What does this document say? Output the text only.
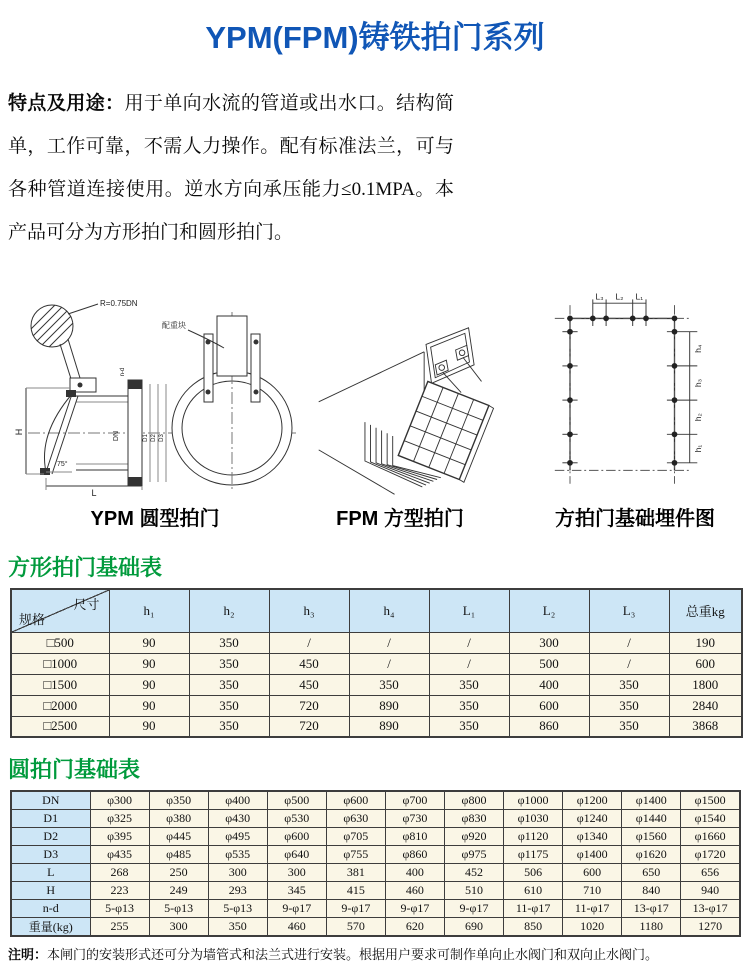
YPM(FPM)铸铁拍门系列
特点及用途：用于单向水流的管道或出水口。结构简单，工作可靠，不需人力操作。配有标准法兰，可与各种管道连接使用。逆水方向承压能力≤0.1MPA。本产品可分为方形拍门和圆形拍门。
R=0.75DN
H	DN	D1 D2 D3
n-d
75°
L
配重块
L₃ L₂ L₁
h₄
h₃
h₂
h₁
YPM 圆型拍门	FPM 方型拍门	方拍门基础埋件图
方形拍门基础表
尺寸
规格	h₁	h₂	h₃	h₄	L₁	L₂	L₃	总重kg
□500	90	350	/	/	/	300	/	190
□1000	90	350	450	/	/	500	/	600
□1500	90	350	450	350	350	400	350	1800
□2000	90	350	720	890	350	600	350	2840
□2500	90	350	720	890	350	860	350	3868
圆拍门基础表
DN	φ300	φ350	φ400	φ500	φ600	φ700	φ800	φ1000	φ1200	φ1400	φ1500
D1	φ325	φ380	φ430	φ530	φ630	φ730	φ830	φ1030	φ1240	φ1440	φ1540
D2	φ395	φ445	φ495	φ600	φ705	φ810	φ920	φ1120	φ1340	φ1560	φ1660
D3	φ435	φ485	φ535	φ640	φ755	φ860	φ975	φ1175	φ1400	φ1620	φ1720
L	268	250	300	300	381	400	452	506	600	650	656
H	223	249	293	345	415	460	510	610	710	840	940
n-d	5-φ13	5-φ13	5-φ13	9-φ17	9-φ17	9-φ17	9-φ17	11-φ17	11-φ17	13-φ17	13-φ17
重量(kg)	255	300	350	460	570	620	690	850	1020	1180	1270
注明：本闸门的安装形式还可分为墙管式和法兰式进行安装。根据用户要求可制作单向止水阀门和双向止水阀门。
